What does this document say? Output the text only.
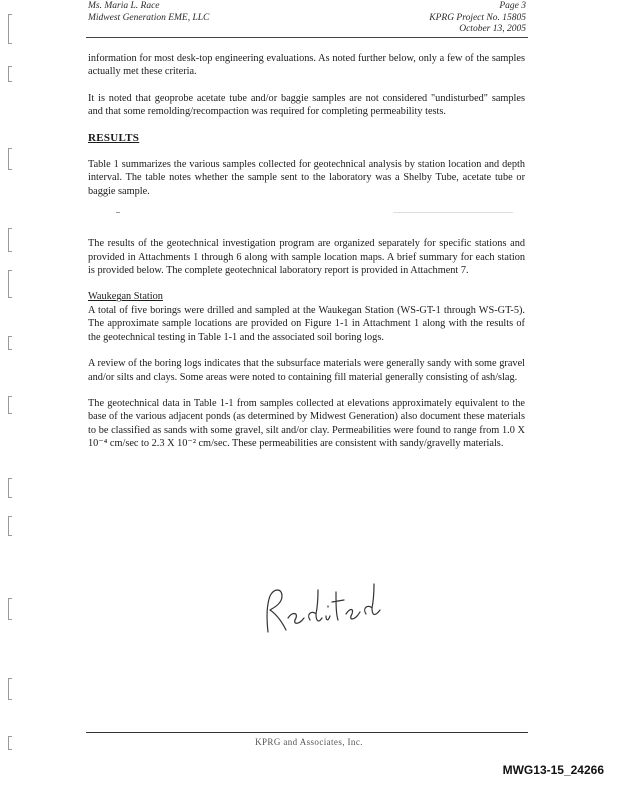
Ms. Maria L. Race
Midwest Generation EME, LLC
Page 3
KPRG Project No. 15805
October 13, 2005

information for most desk-top engineering evaluations. As noted further below, only a few of the samples actually met these criteria.

It is noted that geoprobe acetate tube and/or baggie samples are not considered "undisturbed" samples and that some remolding/recompaction was required for completing permeability tests.

RESULTS

Table 1 summarizes the various samples collected for geotechnical analysis by station location and depth interval. The table notes whether the sample sent to the laboratory was a Shelby Tube, acetate tube or baggie sample.

The results of the geotechnical investigation program are organized separately for specific stations and provided in Attachments 1 through 6 along with sample location maps. A brief summary for each station is provided below. The complete geotechnical laboratory report is provided in Attachment 7.

Waukegan Station

A total of five borings were drilled and sampled at the Waukegan Station (WS-GT-1 through WS-GT-5). The approximate sample locations are provided on Figure 1-1 in Attachment 1 along with the results of the geotechnical testing in Table 1-1 and the associated soil boring logs.

A review of the boring logs indicates that the subsurface materials were generally sandy with some gravel and/or silts and clays. Some areas were noted to containing fill material generally consisting of ash/slag.

The geotechnical data in Table 1-1 from samples collected at elevations approximately equivalent to the base of the various adjacent ponds (as determined by Midwest Generation) also document these materials to be classified as sands with some gravel, silt and/or clay. Permeabilities were found to range from 1.0 X 10⁻⁴ cm/sec to 2.3 X 10⁻² cm/sec. These permeabilities are consistent with sandy/gravelly materials.

KPRG and Associates, Inc.
MWG13-15_24266
